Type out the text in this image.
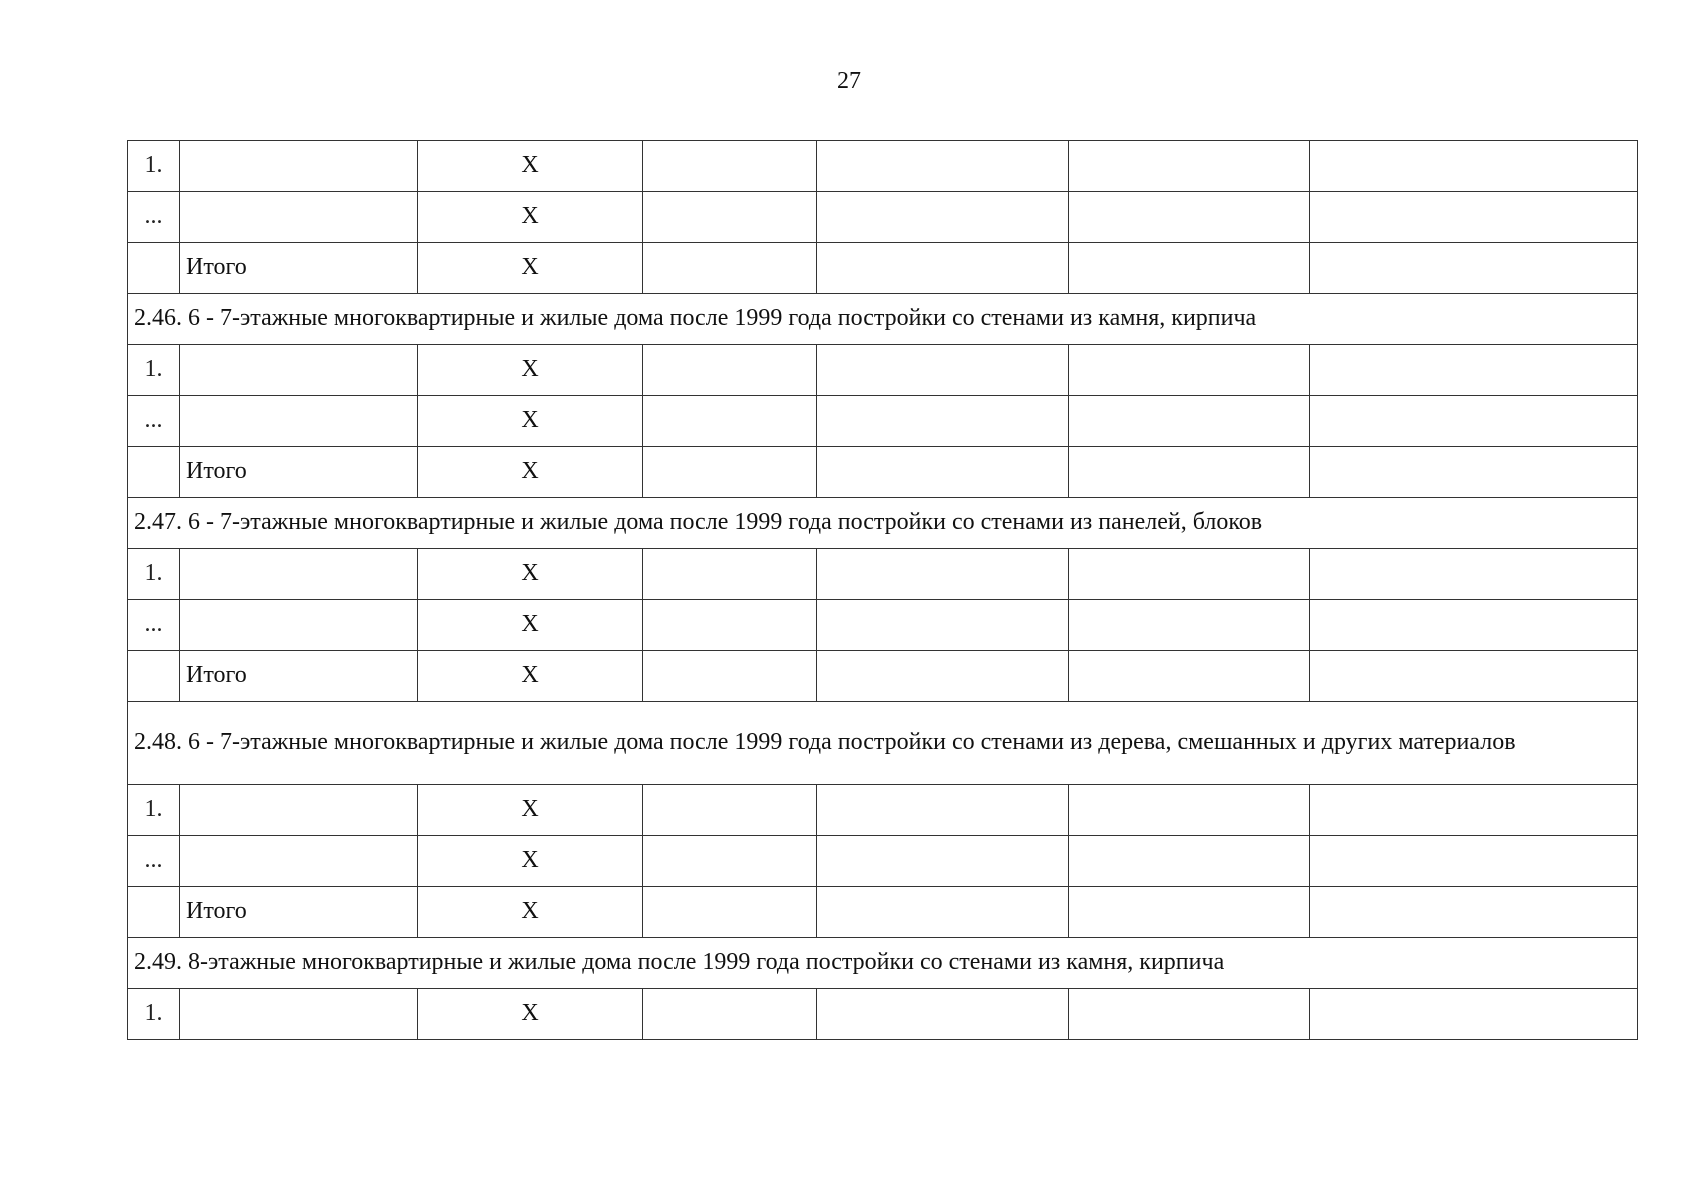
27
1.		X				
...		X				
	Итого	X				
2.46. 6 - 7-этажные многоквартирные и жилые дома после 1999 года постройки со стенами из камня, кирпича						
1.		X				
...		X				
	Итого	X				
2.47. 6 - 7-этажные многоквартирные и жилые дома после 1999 года постройки со стенами из панелей, блоков						
1.		X				
...		X				
	Итого	X				
2.48. 6 - 7-этажные многоквартирные и жилые дома после 1999 года постройки со стенами из дерева, смешанных и других материалов						
1.		X				
...		X				
	Итого	X				
2.49. 8-этажные многоквартирные и жилые дома после 1999 года постройки со стенами из камня, кирпича						
1.		X				
